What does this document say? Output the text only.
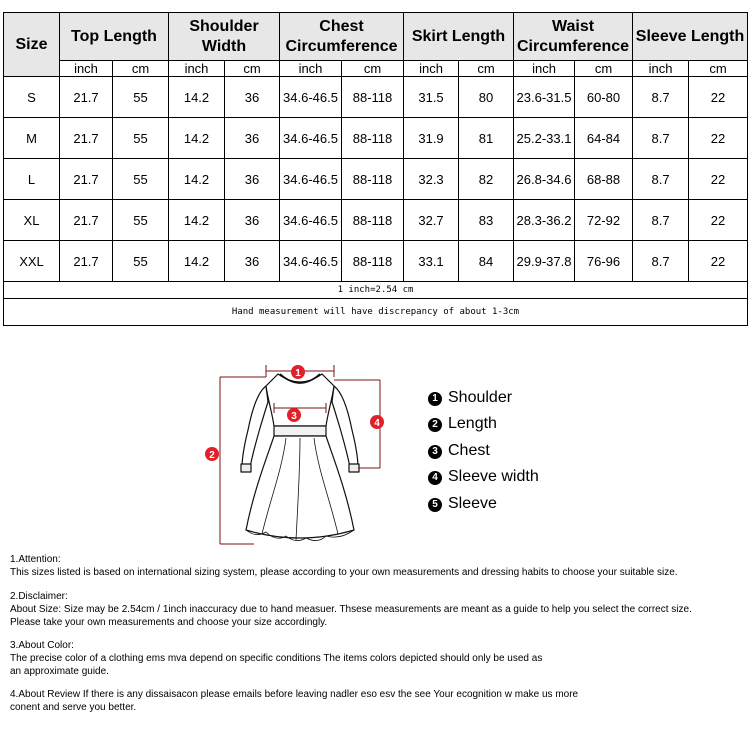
Size	Top Length		Shoulder Width		Chest Circumference		Skirt Length		Waist Circumference		Sleeve Length	
	inch	cm	inch	cm	inch	cm	inch	cm	inch	cm	inch	cm
S	21.7	55	14.2	36	34.6-46.5	88-118	31.5	80	23.6-31.5	60-80	8.7	22
M	21.7	55	14.2	36	34.6-46.5	88-118	31.9	81	25.2-33.1	64-84	8.7	22
L	21.7	55	14.2	36	34.6-46.5	88-118	32.3	82	26.8-34.6	68-88	8.7	22
XL	21.7	55	14.2	36	34.6-46.5	88-118	32.7	83	28.3-36.2	72-92	8.7	22
XXL	21.7	55	14.2	36	34.6-46.5	88-118	33.1	84	29.9-37.8	76-96	8.7	22
1 inch=2.54 cm												
Hand measurement will have discrepancy of about 1-3cm												
1
3
2
4
1 Shoulder
2 Length
3 Chest
4 Sleeve width
5 Sleeve

1.Attention:

This sizes listed is based on international sizing system, please according to your own measurements and dressing habits to choose your suitable size.

2.Disclaimer:

About Size: Size may be 2.54cm / 1inch inaccuracy due to hand measuer. Thsese measurements are meant as a guide to help you select the correct size.

Please take your own measurements and choose your size accordingly.

3.About Color:

The precise color of a clothing ems mva depend on specific conditions The items colors depicted should only be used as

an approximate guide.

4.About Review If there is any dissaisacon please emails before leaving nadler eso esv the see Your ecognition w make us more

conent and serve you better.
